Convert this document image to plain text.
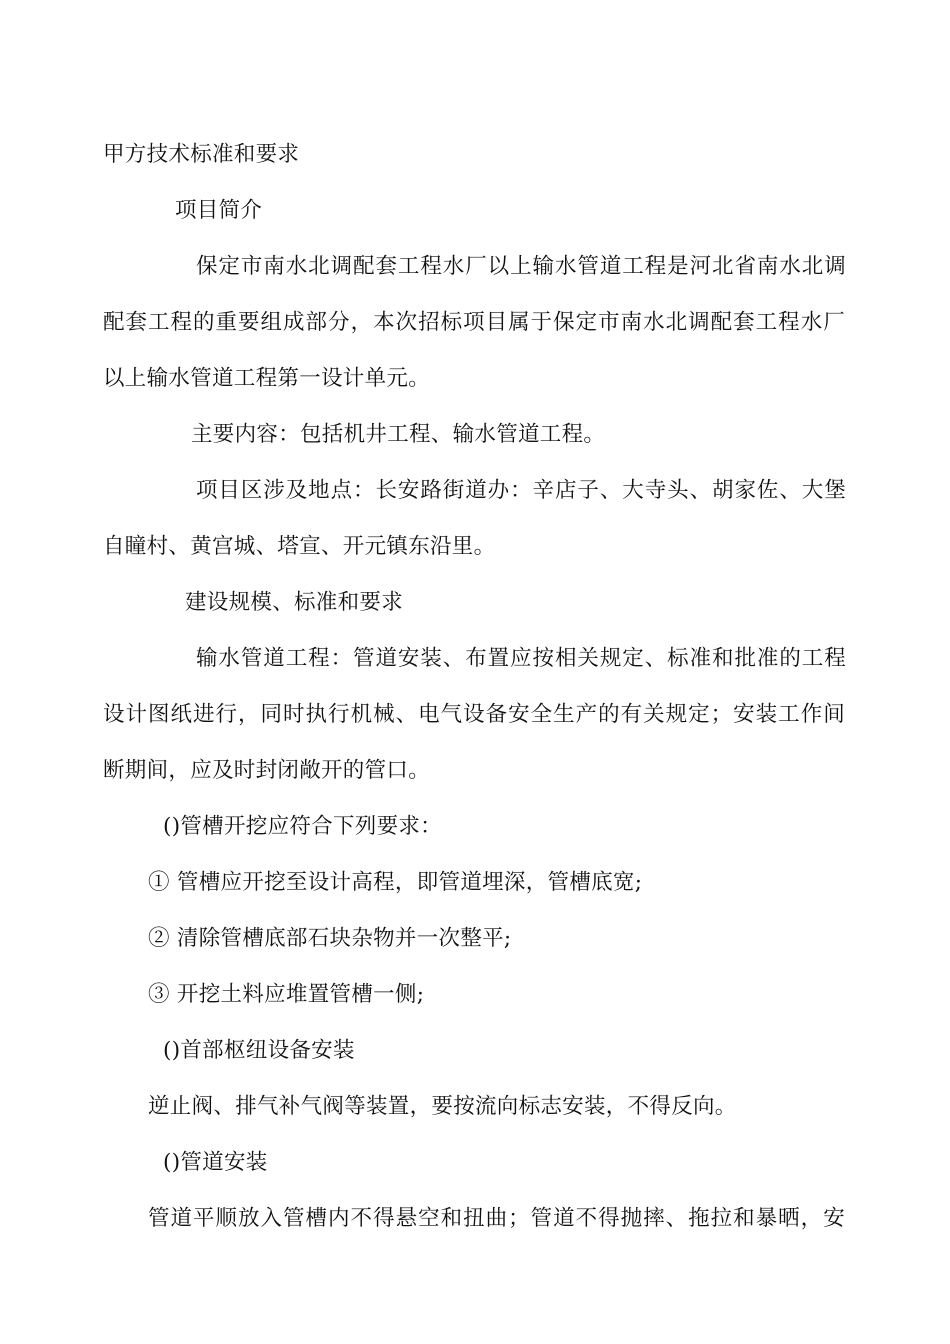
甲方技术标准和要求
项目简介
保定市南水北调配套工程水厂以上输水管道工程是河北省南水北调
配套工程的重要组成部分，本次招标项目属于保定市南水北调配套工程水厂
以上输水管道工程第一设计单元。
主要内容：包括机井工程、输水管道工程。
项目区涉及地点：长安路街道办：辛店子、大寺头、胡家佐、大堡
自瞳村、黄宫城、塔宣、开元镇东沿里。
建设规模、标准和要求
输水管道工程：管道安装、布置应按相关规定、标准和批准的工程
设计图纸进行，同时执行机械、电气设备安全生产的有关规定；安装工作间
断期间，应及时封闭敞开的管口。
()管槽开挖应符合下列要求：
① 管槽应开挖至设计高程，即管道埋深，管槽底宽;
② 清除管槽底部石块杂物并一次整平;
③ 开挖土料应堆置管槽一侧;
()首部枢纽设备安装
逆止阀、排气补气阀等装置，要按流向标志安装，不得反向。
()管道安装
管道平顺放入管槽内不得悬空和扭曲；管道不得抛摔、拖拉和暴晒，安
